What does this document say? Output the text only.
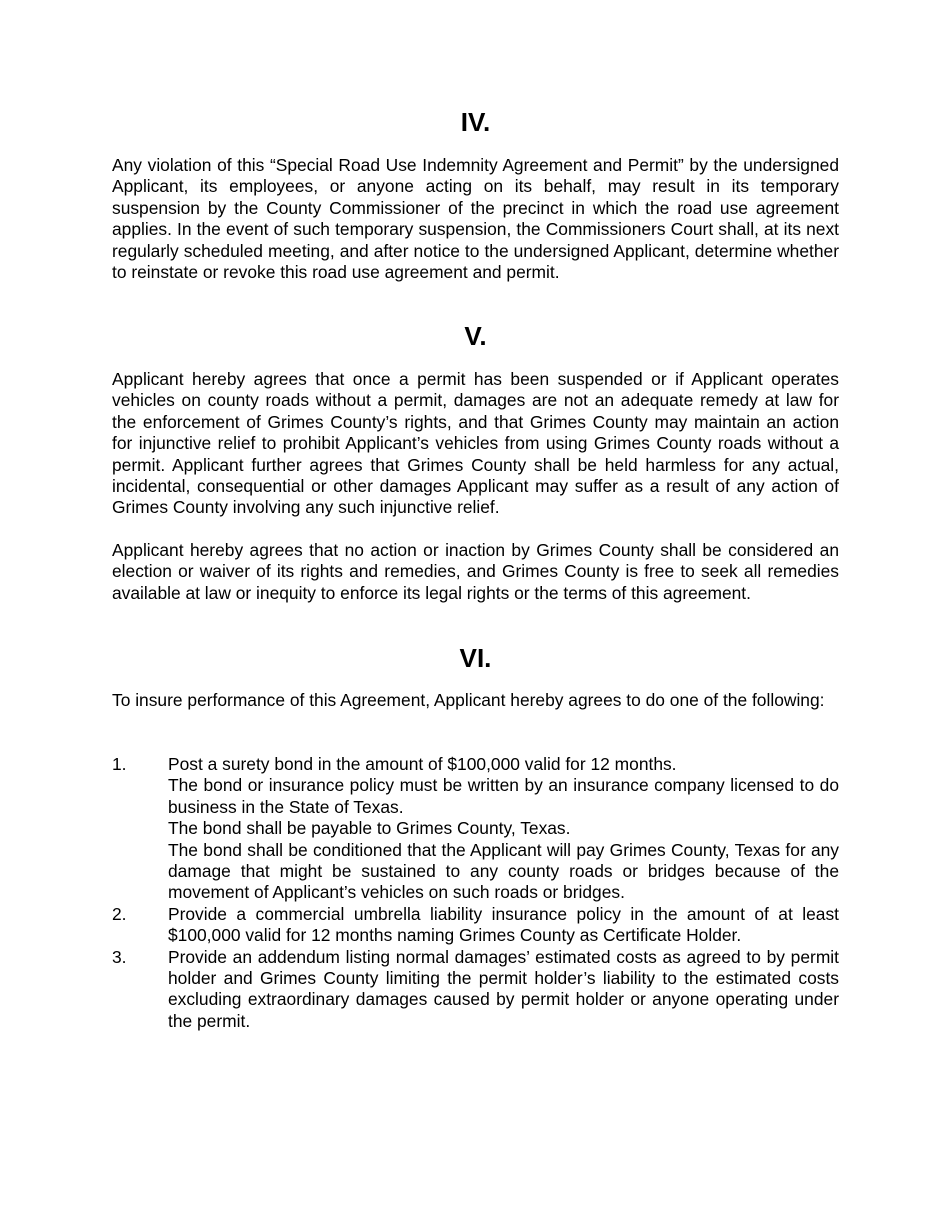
IV.

Any violation of this “Special Road Use Indemnity Agreement and Permit” by the undersigned Applicant, its employees, or anyone acting on its behalf, may result in its temporary suspension by the County Commissioner of the precinct in which the road use agreement applies. In the event of such temporary suspension, the Commissioners Court shall, at its next regularly scheduled meeting, and after notice to the undersigned Applicant, determine whether to reinstate or revoke this road use agreement and permit.

V.

Applicant hereby agrees that once a permit has been suspended or if Applicant operates vehicles on county roads without a permit, damages are not an adequate remedy at law for the enforcement of Grimes County’s rights, and that Grimes County may maintain an action for injunctive relief to prohibit Applicant’s vehicles from using Grimes County roads without a permit. Applicant further agrees that Grimes County shall be held harmless for any actual, incidental, consequential or other damages Applicant may suffer as a result of any action of Grimes County involving any such injunctive relief.

Applicant hereby agrees that no action or inaction by Grimes County shall be considered an election or waiver of its rights and remedies, and Grimes County is free to seek all remedies available at law or inequity to enforce its legal rights or the terms of this agreement.

VI.

To insure performance of this Agreement, Applicant hereby agrees to do one of the following:

1.	Post a surety bond in the amount of $100,000 valid for 12 months.
The bond or insurance policy must be written by an insurance company licensed to do business in the State of Texas.
The bond shall be payable to Grimes County, Texas.
The bond shall be conditioned that the Applicant will pay Grimes County, Texas for any damage that might be sustained to any county roads or bridges because of the movement of Applicant’s vehicles on such roads or bridges.
2.	Provide a commercial umbrella liability insurance policy in the amount of at least $100,000 valid for 12 months naming Grimes County as Certificate Holder.
3.	Provide an addendum listing normal damages’ estimated costs as agreed to by permit holder and Grimes County limiting the permit holder’s liability to the estimated costs excluding extraordinary damages caused by permit holder or anyone operating under the permit.
